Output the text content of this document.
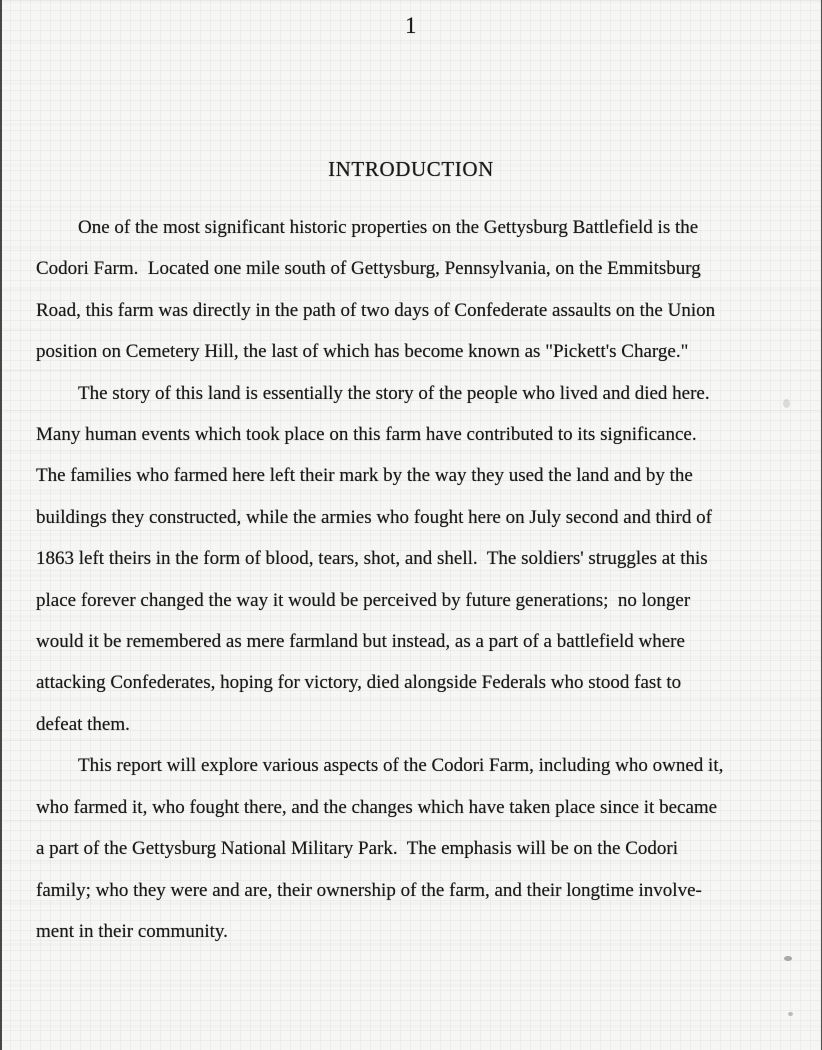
1
INTRODUCTION

One of the most significant historic properties on the Gettysburg Battlefield is the
Codori Farm.  Located one mile south of Gettysburg, Pennsylvania, on the Emmitsburg
Road, this farm was directly in the path of two days of Confederate assaults on the Union
position on Cemetery Hill, the last of which has become known as "Pickett's Charge."

The story of this land is essentially the story of the people who lived and died here.
Many human events which took place on this farm have contributed to its significance.
The families who farmed here left their mark by the way they used the land and by the
buildings they constructed, while the armies who fought here on July second and third of
1863 left theirs in the form of blood, tears, shot, and shell.  The soldiers' struggles at this
place forever changed the way it would be perceived by future generations;  no longer
would it be remembered as mere farmland but instead, as a part of a battlefield where
attacking Confederates, hoping for victory, died alongside Federals who stood fast to
defeat them.

This report will explore various aspects of the Codori Farm, including who owned it,
who farmed it, who fought there, and the changes which have taken place since it became
a part of the Gettysburg National Military Park.  The emphasis will be on the Codori
family; who they were and are, their ownership of the farm, and their longtime involve-
ment in their community.
